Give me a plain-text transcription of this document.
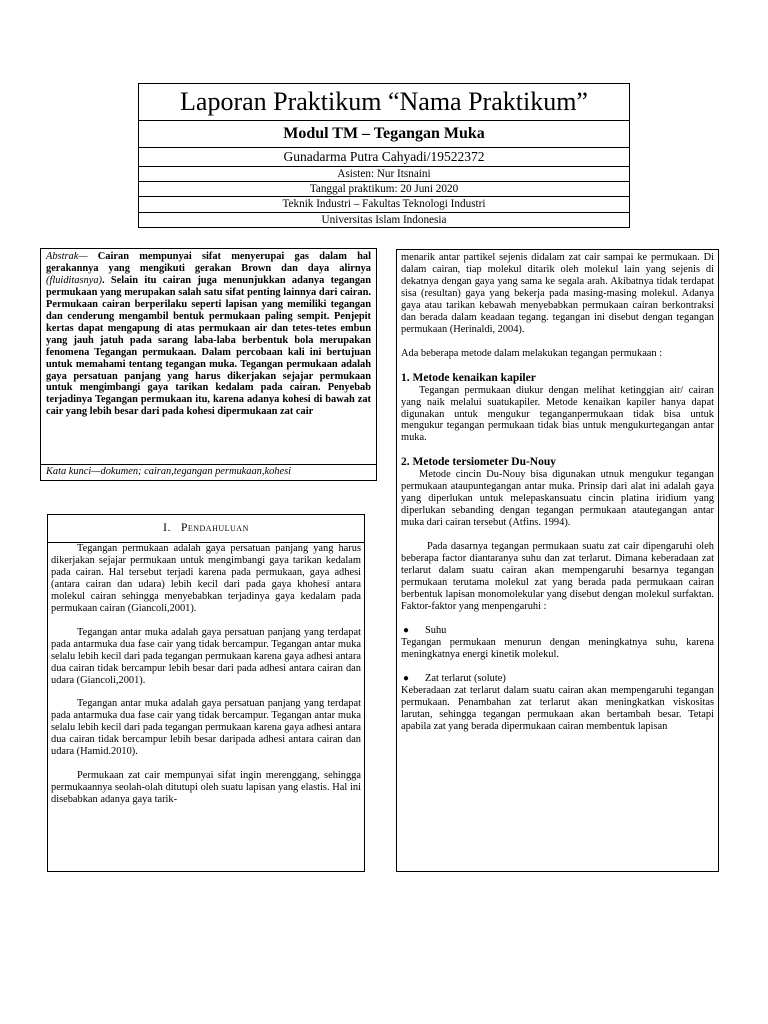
Laporan Praktikum “Nama Praktikum”
Modul TM – Tegangan Muka
Gunadarma Putra Cahyadi/19522372
Asisten: Nur Itsnaini
Tanggal praktikum: 20 Juni 2020
Teknik Industri – Fakultas Teknologi Industri
Universitas Islam Indonesia
Abstrak— Cairan mempunyai sifat menyerupai gas dalam hal gerakannya yang mengikuti gerakan Brown dan daya alirnya (fluiditasnya). Selain itu cairan juga menunjukkan adanya tegangan permukaan yang merupakan salah satu sifat penting lainnya dari cairan. Permukaan cairan berperilaku seperti lapisan yang memiliki tegangan dan cenderung mengambil bentuk permukaan paling sempit. Penjepit kertas dapat mengapung di atas permukaan air dan tetes-tetes embun yang jauh jatuh pada sarang laba-laba berbentuk bola merupakan fenomena Tegangan permukaan. Dalam percobaan kali ini bertujuan untuk memahami tentang tegangan muka. Tegangan permukaan adalah gaya persatuan panjang yang harus dikerjakan sejajar permukaan untuk mengimbangi gaya tarikan kedalam pada cairan. Penyebab terjadinya Tegangan permukaan itu, karena adanya kohesi di bawah zat cair yang lebih besar dari pada kohesi dipermukaan zat cair
Kata kunci—dokumen; cairan,tegangan permukaan,kohesi
I. Pendahuluan

Tegangan permukaan adalah gaya persatuan panjang yang harus dikerjakan sejajar permukaan untuk mengimbangi gaya tarikan kedalam pada cairan. Hal tersebut terjadi karena pada permukaan, gaya adhesi (antara cairan dan udara) lebih kecil dari pada gaya khohesi antara molekul cairan sehingga menyebabkan terjadinya gaya kedalam pada permukaan cairan (Giancoli,2001).

Tegangan antar muka adalah gaya persatuan panjang yang terdapat pada antarmuka dua fase cair yang tidak bercampur. Tegangan antar muka selalu lebih kecil dari pada tegangan permukaan karena gaya adhesi antara dua cairan tidak bercampur lebih besar dari pada adhesi antara cairan dan udara (Giancoli,2001).

Tegangan antar muka adalah gaya persatuan panjang yang terdapat pada antarmuka dua fase cair yang tidak bercampur. Tegangan antar muka selalu lebih kecil dari pada tegangan permukaan karena gaya adhesi antara dua cairan tidak bercampur lebih besar daripada adhesi antara cairan dan udara (Hamid.2010).

Permukaan zat cair mempunyai sifat ingin merenggang, sehingga permukaannya seolah-olah ditutupi oleh suatu lapisan yang elastis. Hal ini disebabkan adanya gaya tarik-

menarik antar partikel sejenis didalam zat cair sampai ke permukaan. Di dalam cairan, tiap molekul ditarik oleh molekul lain yang sejenis di dekatnya dengan gaya yang sama ke segala arah. Akibatnya tidak terdapat sisa (resultan) gaya yang bekerja pada masing-masing molekul. Adanya gaya atau tarikan kebawah menyebabkan permukaan cairan berkontraksi dan berada dalam keadaan tegang. tegangan ini disebut dengan tegangan permukaan (Herinaldi, 2004).

Ada beberapa metode dalam melakukan tegangan permukaan :

1. Metode kenaikan kapiler

Tegangan permukaan diukur dengan melihat ketinggian air/ cairan yang naik melalui suatukapiler. Metode kenaikan kapiler hanya dapat digunakan untuk mengukur teganganpermukaan tidak bisa untuk mengukur tegangan permukaan tidak bias untuk mengukurtegangan antar muka.

2. Metode tersiometer Du-Nouy

Metode cincin Du-Nouy bisa digunakan utnuk mengukur tegangan permukaan ataupuntegangan antar muka. Prinsip dari alat ini adalah gaya yang diperlukan untuk melepaskansuatu cincin platina iridium yang diperlukan sebanding dengan tegangan permukaan atautegangan antar muka dari cairan tersebut (Atfins. 1994).

Pada dasarnya tegangan permukaan suatu zat cair dipengaruhi oleh beberapa factor diantaranya suhu dan zat terlarut. Dimana keberadaan zat terlarut dalam suatu cairan akan mempengaruhi besarnya tegangan permukaan terutama molekul zat yang berada pada permukaan cairan berbentuk lapisan monomolekular yang disebut dengan molekul surfaktan. Faktor-faktor yang menpengaruhi :

●	Suhu

Tegangan permukaan menurun dengan meningkatnya suhu, karena meningkatnya energi kinetik molekul.

●	Zat terlarut (solute)

Keberadaan zat terlarut dalam suatu cairan akan mempengaruhi tegangan permukaan. Penambahan zat terlarut akan meningkatkan viskositas larutan, sehingga tegangan permukaan akan bertambah besar. Tetapi apabila zat yang berada dipermukaan cairan membentuk lapisan
